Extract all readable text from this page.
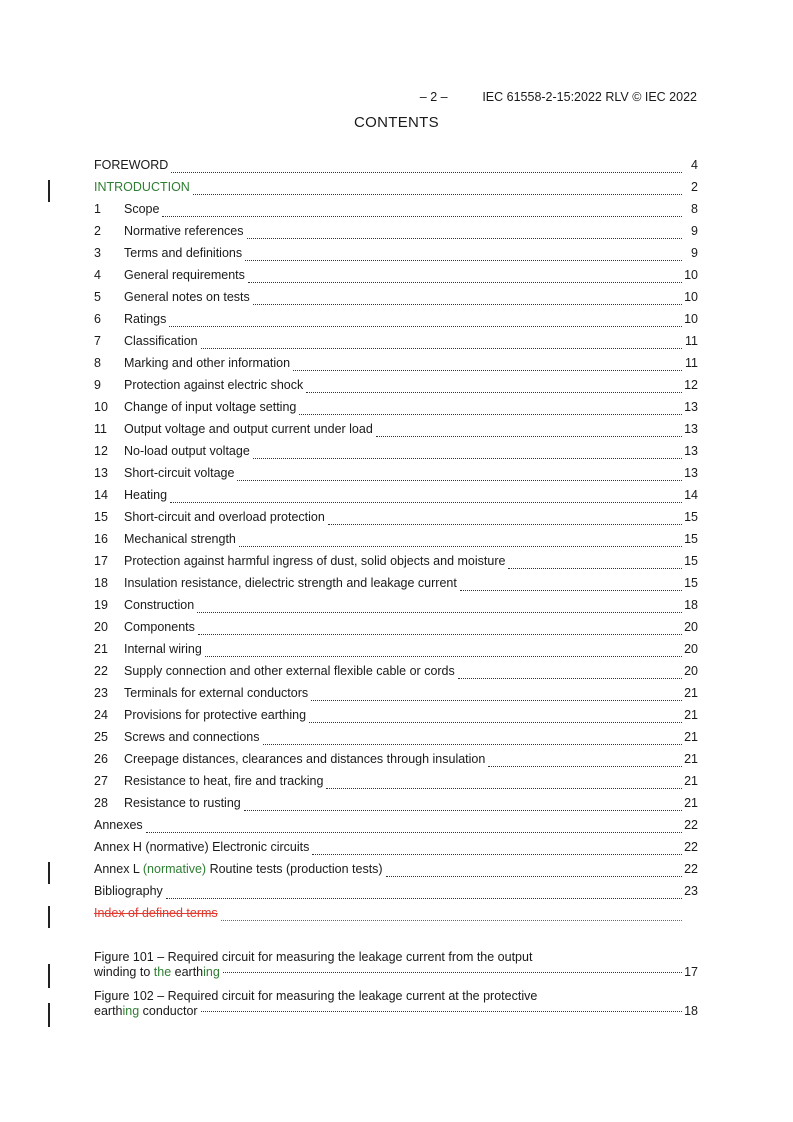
– 2 –	IEC 61558-2-15:2022 RLV © IEC 2022

CONTENTS
FOREWORD	4
INTRODUCTION	2
1	Scope	8
2	Normative references	9
3	Terms and definitions	9
4	General requirements	10
5	General notes on tests	10
6	Ratings	10
7	Classification	11
8	Marking and other information	11
9	Protection against electric shock	12
10	Change of input voltage setting	13
11	Output voltage and output current under load	13
12	No-load output voltage	13
13	Short-circuit voltage	13
14	Heating	14
15	Short-circuit and overload protection	15
16	Mechanical strength	15
17	Protection against harmful ingress of dust, solid objects and moisture	15
18	Insulation resistance, dielectric strength and leakage current	15
19	Construction	18
20	Components	20
21	Internal wiring	20
22	Supply connection and other external flexible cable or cords	20
23	Terminals for external conductors	21
24	Provisions for protective earthing	21
25	Screws and connections	21
26	Creepage distances, clearances and distances through insulation	21
27	Resistance to heat, fire and tracking	21
28	Resistance to rusting	21
Annexes	22
Annex H (normative) Electronic circuits	22
Annex L (normative) Routine tests (production tests)	22
Bibliography	23
Index of defined terms
Figure 101 – Required circuit for measuring the leakage current from the output
winding to the earthing	17
Figure 102 – Required circuit for measuring the leakage current at the protective
earthing conductor	18
